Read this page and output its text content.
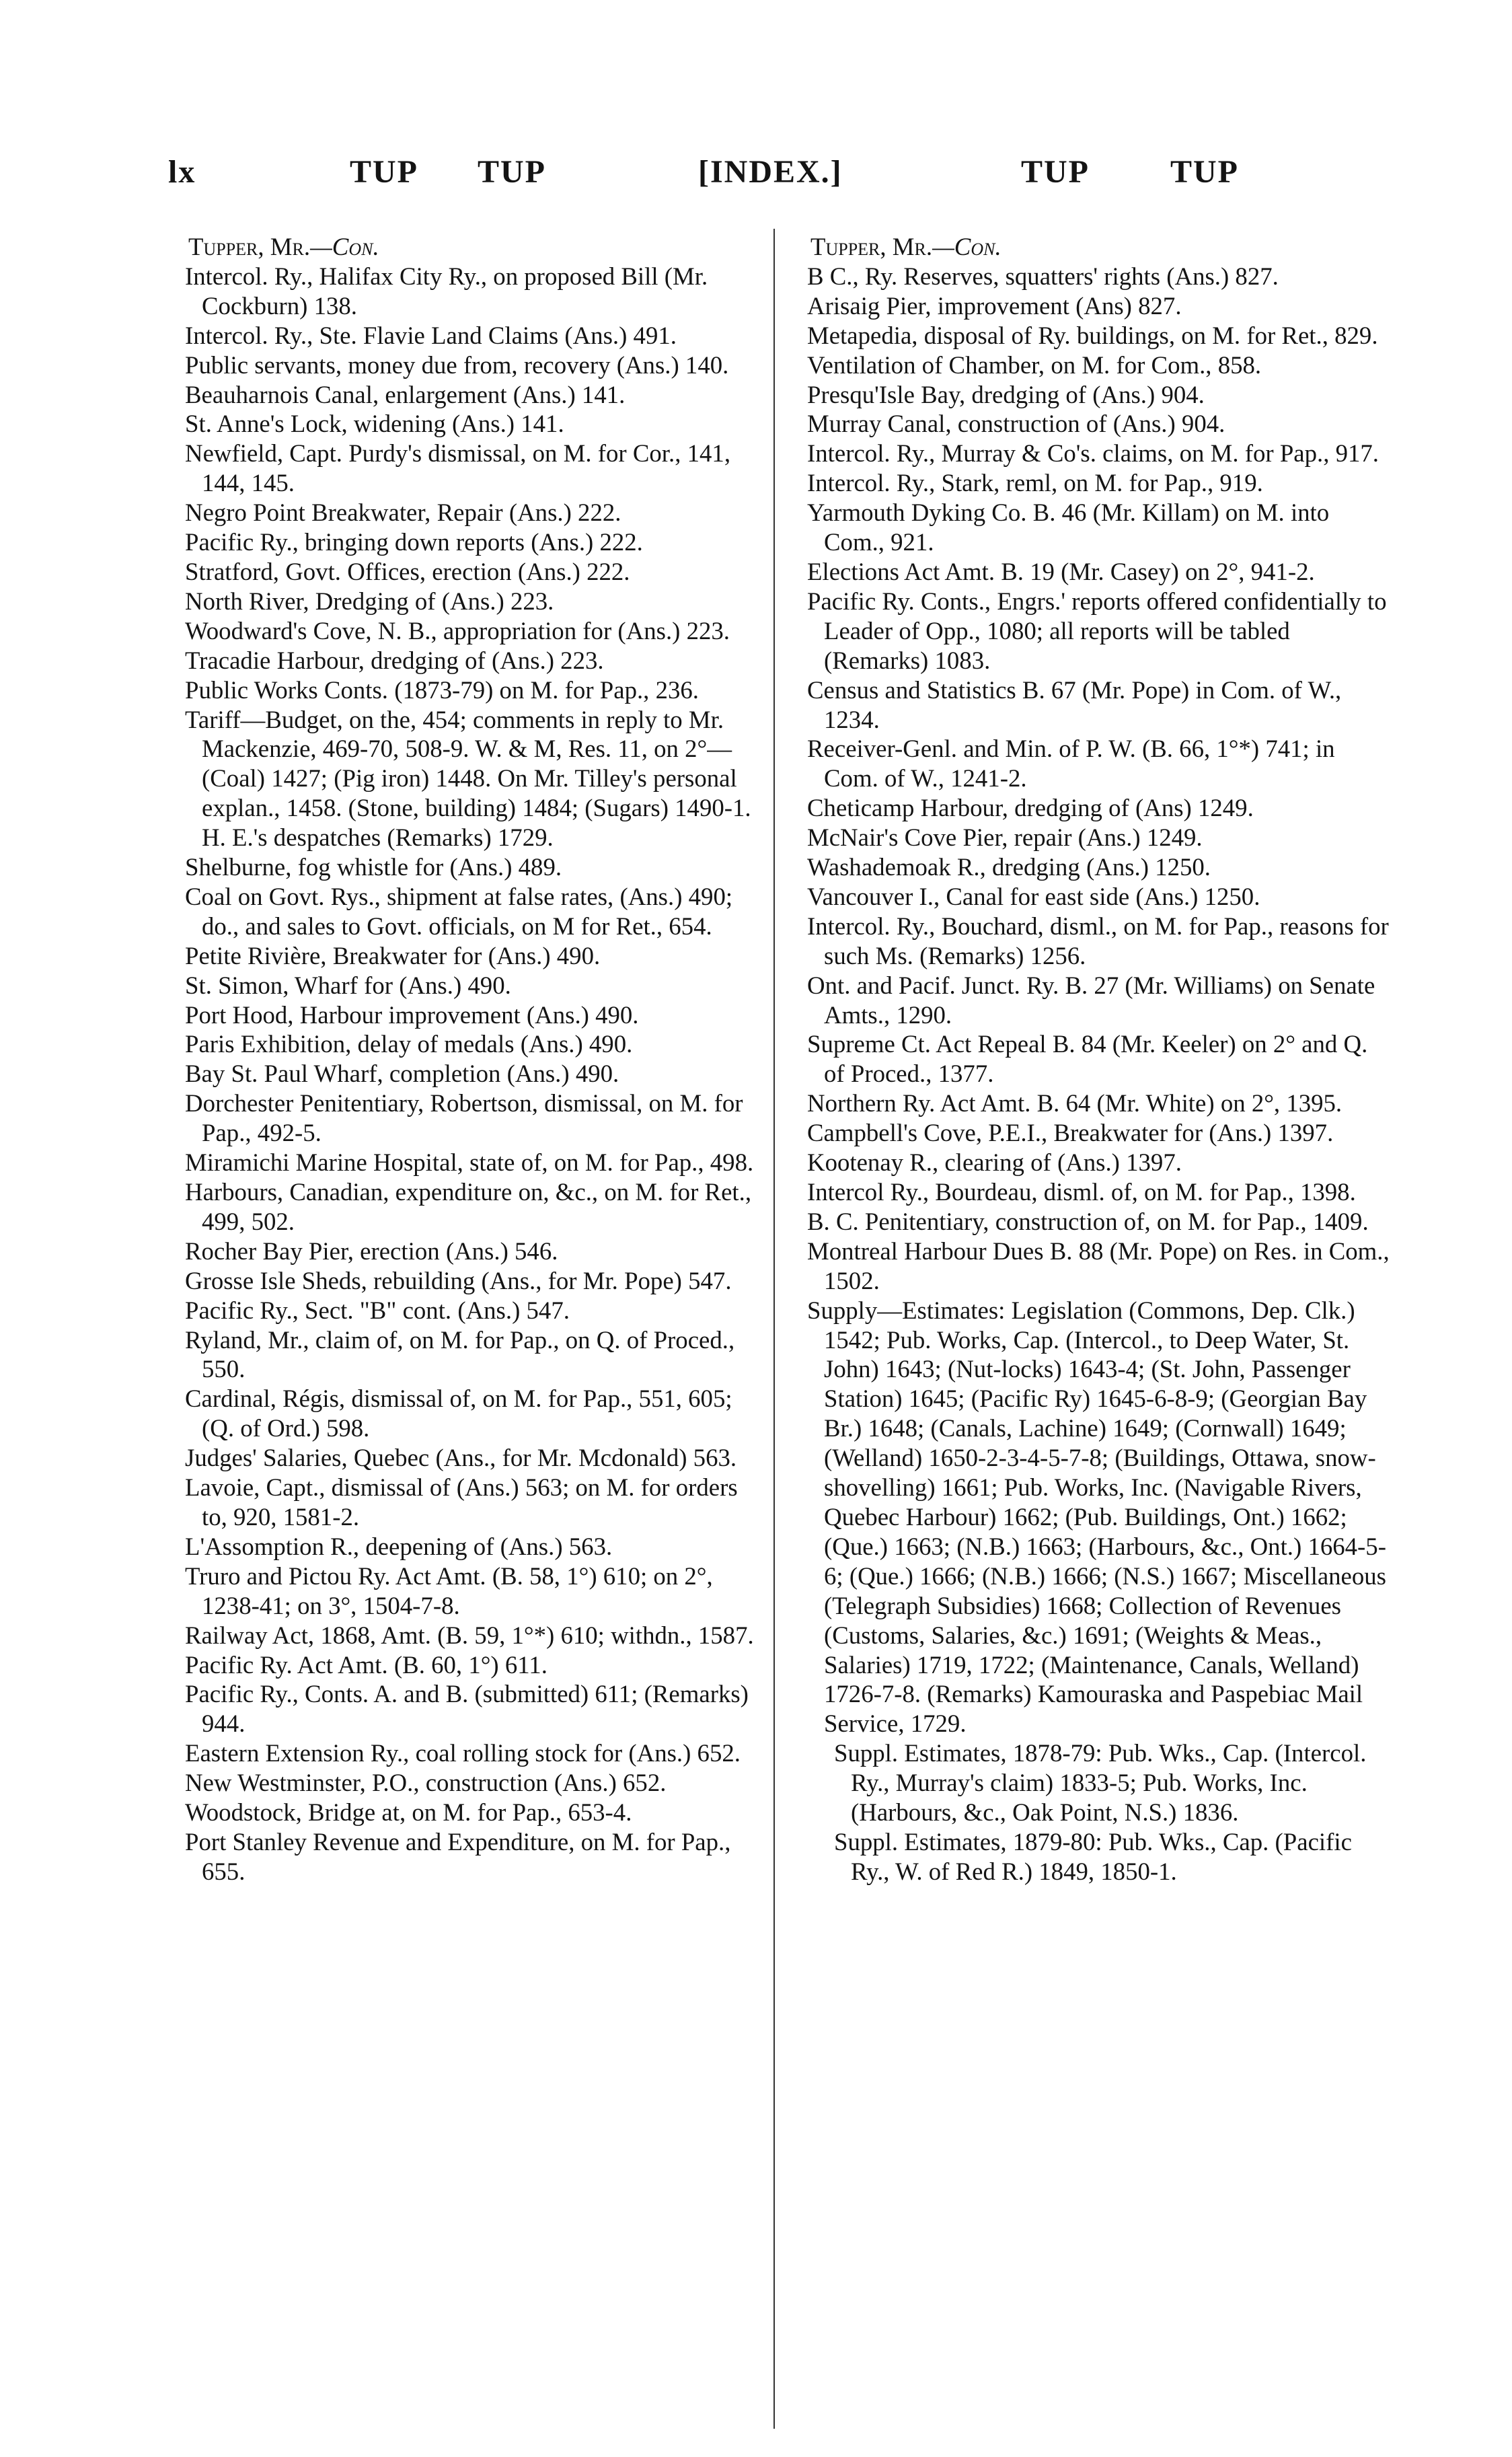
lx	TUP TUP	[INDEX.]	TUP	TUP

Tupper, Mr.—Con.

Intercol. Ry., Halifax City Ry., on proposed Bill (Mr. Cockburn) 138.
Intercol. Ry., Ste. Flavie Land Claims (Ans.) 491.
Public servants, money due from, recovery (Ans.) 140.
Beauharnois Canal, enlargement (Ans.) 141.
St. Anne's Lock, widening (Ans.) 141.
Newfield, Capt. Purdy's dismissal, on M. for Cor., 141, 144, 145.
Negro Point Breakwater, Repair (Ans.) 222.
Pacific Ry., bringing down reports (Ans.) 222.
Stratford, Govt. Offices, erection (Ans.) 222.
North River, Dredging of (Ans.) 223.
Woodward's Cove, N. B., appropriation for (Ans.) 223.
Tracadie Harbour, dredging of (Ans.) 223.
Public Works Conts. (1873-79) on M. for Pap., 236.
Tariff—Budget, on the, 454; comments in reply to Mr. Mackenzie, 469-70, 508-9. W. & M, Res. 11, on 2°—(Coal) 1427; (Pig iron) 1448. On Mr. Tilley's personal explan., 1458. (Stone, building) 1484; (Sugars) 1490-1. H. E.'s despatches (Remarks) 1729.
Shelburne, fog whistle for (Ans.) 489.
Coal on Govt. Rys., shipment at false rates, (Ans.) 490; do., and sales to Govt. officials, on M for Ret., 654.
Petite Rivière, Breakwater for (Ans.) 490.
St. Simon, Wharf for (Ans.) 490.
Port Hood, Harbour improvement (Ans.) 490.
Paris Exhibition, delay of medals (Ans.) 490.
Bay St. Paul Wharf, completion (Ans.) 490.
Dorchester Penitentiary, Robertson, dismissal, on M. for Pap., 492-5.
Miramichi Marine Hospital, state of, on M. for Pap., 498.
Harbours, Canadian, expenditure on, &c., on M. for Ret., 499, 502.
Rocher Bay Pier, erection (Ans.) 546.
Grosse Isle Sheds, rebuilding (Ans., for Mr. Pope) 547.
Pacific Ry., Sect. "B" cont. (Ans.) 547.
Ryland, Mr., claim of, on M. for Pap., on Q. of Proced., 550.
Cardinal, Régis, dismissal of, on M. for Pap., 551, 605; (Q. of Ord.) 598.
Judges' Salaries, Quebec (Ans., for Mr. Mcdonald) 563.
Lavoie, Capt., dismissal of (Ans.) 563; on M. for orders to, 920, 1581-2.
L'Assomption R., deepening of (Ans.) 563.
Truro and Pictou Ry. Act Amt. (B. 58, 1°) 610; on 2°, 1238-41; on 3°, 1504-7-8.
Railway Act, 1868, Amt. (B. 59, 1°*) 610; withdn., 1587.
Pacific Ry. Act Amt. (B. 60, 1°) 611.
Pacific Ry., Conts. A. and B. (submitted) 611; (Remarks) 944.
Eastern Extension Ry., coal rolling stock for (Ans.) 652.
New Westminster, P.O., construction (Ans.) 652.
Woodstock, Bridge at, on M. for Pap., 653-4.
Port Stanley Revenue and Expenditure, on M. for Pap., 655.

Tupper, Mr.—Con.

B C., Ry. Reserves, squatters' rights (Ans.) 827.
Arisaig Pier, improvement (Ans) 827.
Metapedia, disposal of Ry. buildings, on M. for Ret., 829.
Ventilation of Chamber, on M. for Com., 858.
Presqu'Isle Bay, dredging of (Ans.) 904.
Murray Canal, construction of (Ans.) 904.
Intercol. Ry., Murray & Co's. claims, on M. for Pap., 917.
Intercol. Ry., Stark, reml, on M. for Pap., 919.
Yarmouth Dyking Co. B. 46 (Mr. Killam) on M. into Com., 921.
Elections Act Amt. B. 19 (Mr. Casey) on 2°, 941-2.
Pacific Ry. Conts., Engrs.' reports offered confidentially to Leader of Opp., 1080; all reports will be tabled (Remarks) 1083.
Census and Statistics B. 67 (Mr. Pope) in Com. of W., 1234.
Receiver-Genl. and Min. of P. W. (B. 66, 1°*) 741; in Com. of W., 1241-2.
Cheticamp Harbour, dredging of (Ans) 1249.
McNair's Cove Pier, repair (Ans.) 1249.
Washademoak R., dredging (Ans.) 1250.
Vancouver I., Canal for east side (Ans.) 1250.
Intercol. Ry., Bouchard, disml., on M. for Pap., reasons for such Ms. (Remarks) 1256.
Ont. and Pacif. Junct. Ry. B. 27 (Mr. Williams) on Senate Amts., 1290.
Supreme Ct. Act Repeal B. 84 (Mr. Keeler) on 2° and Q. of Proced., 1377.
Northern Ry. Act Amt. B. 64 (Mr. White) on 2°, 1395.
Campbell's Cove, P.E.I., Breakwater for (Ans.) 1397.
Kootenay R., clearing of (Ans.) 1397.
Intercol Ry., Bourdeau, disml. of, on M. for Pap., 1398.
B. C. Penitentiary, construction of, on M. for Pap., 1409.
Montreal Harbour Dues B. 88 (Mr. Pope) on Res. in Com., 1502.
Supply—Estimates: Legislation (Commons, Dep. Clk.) 1542; Pub. Works, Cap. (Intercol., to Deep Water, St. John) 1643; (Nut-locks) 1643-4; (St. John, Passenger Station) 1645; (Pacific Ry) 1645-6-8-9; (Georgian Bay Br.) 1648; (Canals, Lachine) 1649; (Cornwall) 1649; (Welland) 1650-2-3-4-5-7-8; (Buildings, Ottawa, snow-shovelling) 1661; Pub. Works, Inc. (Navigable Rivers, Quebec Harbour) 1662; (Pub. Buildings, Ont.) 1662; (Que.) 1663; (N.B.) 1663; (Harbours, &c., Ont.) 1664-5-6; (Que.) 1666; (N.B.) 1666; (N.S.) 1667; Miscellaneous (Telegraph Subsidies) 1668; Collection of Revenues (Customs, Salaries, &c.) 1691; (Weights & Meas., Salaries) 1719, 1722; (Maintenance, Canals, Welland) 1726-7-8. (Remarks) Kamouraska and Paspebiac Mail Service, 1729.
Suppl. Estimates, 1878-79: Pub. Wks., Cap. (Intercol. Ry., Murray's claim) 1833-5; Pub. Works, Inc. (Harbours, &c., Oak Point, N.S.) 1836.
Suppl. Estimates, 1879-80: Pub. Wks., Cap. (Pacific Ry., W. of Red R.) 1849, 1850-1.
